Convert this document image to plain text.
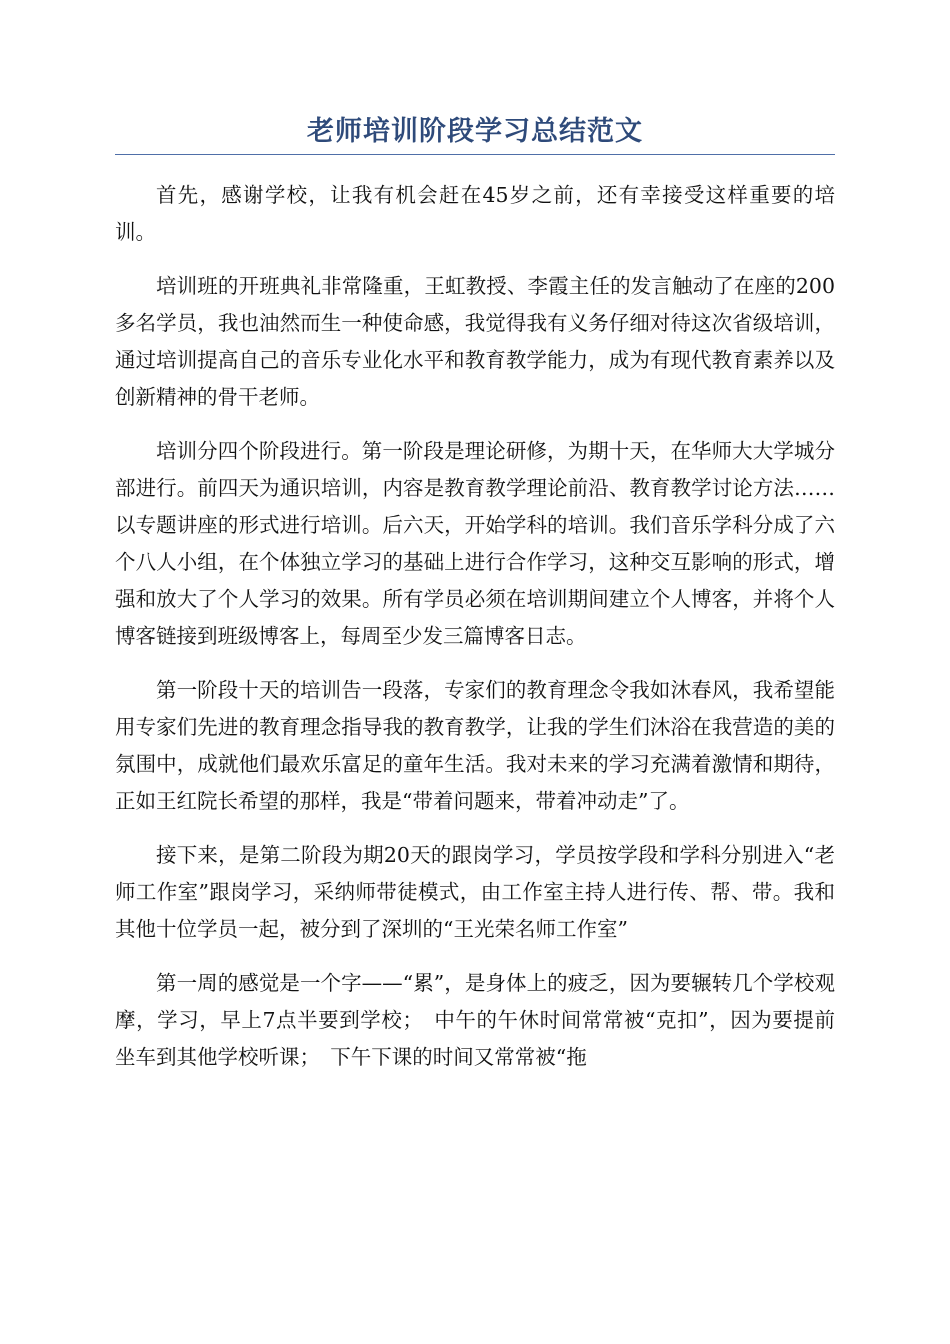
老师培训阶段学习总结范文

首先，感谢学校，让我有机会赶在45岁之前，还有幸接受这样重要的培训。

培训班的开班典礼非常隆重，王虹教授、李霞主任的发言触动了在座的200多名学员，我也油然而生一种使命感，我觉得我有义务仔细对待这次省级培训，通过培训提高自己的音乐专业化水平和教育教学能力，成为有现代教育素养以及创新精神的骨干老师。

培训分四个阶段进行。第一阶段是理论研修，为期十天，在华师大大学城分部进行。前四天为通识培训，内容是教育教学理论前沿、教育教学讨论方法……以专题讲座的形式进行培训。后六天，开始学科的培训。我们音乐学科分成了六个八人小组，在个体独立学习的基础上进行合作学习，这种交互影响的形式，增强和放大了个人学习的效果。所有学员必须在培训期间建立个人博客，并将个人博客链接到班级博客上，每周至少发三篇博客日志。

第一阶段十天的培训告一段落，专家们的教育理念令我如沐春风，我希望能用专家们先进的教育理念指导我的教育教学，让我的学生们沐浴在我营造的美的氛围中，成就他们最欢乐富足的童年生活。我对未来的学习充满着激情和期待，正如王红院长希望的那样，我是“带着问题来，带着冲动走”了。

接下来，是第二阶段为期20天的跟岗学习，学员按学段和学科分别进入“老师工作室”跟岗学习，采纳师带徒模式，由工作室主持人进行传、帮、带。我和其他十位学员一起，被分到了深圳的“王光荣名师工作室”

第一周的感觉是一个字——“累”，是身体上的疲乏，因为要辗转几个学校观摩，学习，早上7点半要到学校；　中午的午休时间常常被“克扣”，因为要提前坐车到其他学校听课；　下午下课的时间又常常被“拖
